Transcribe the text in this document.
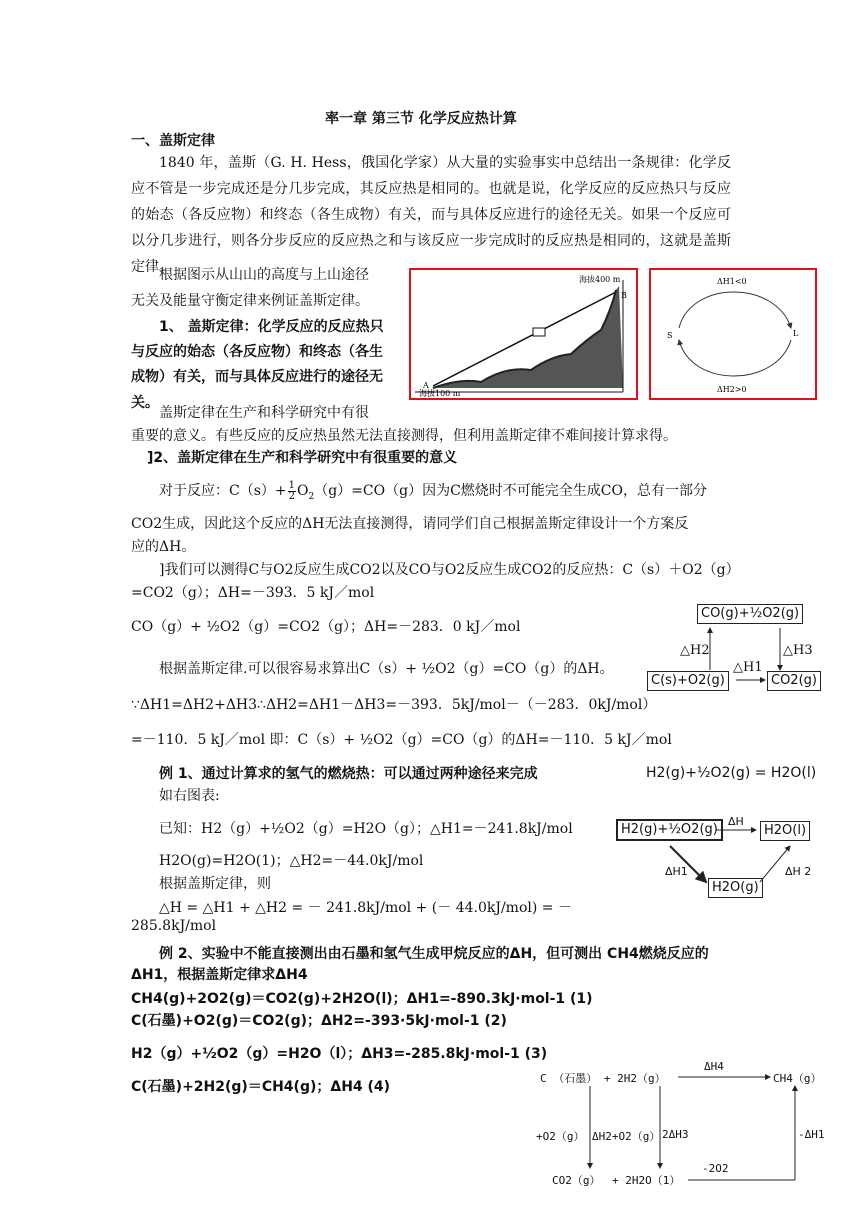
率一章 第三节 化学反应热计算
一、盖斯定律
1840 年，盖斯（G. H. Hess，俄国化学家）从大量的实验事实中总结出一条规律：化学反应不管是一步完成还是分几步完成，其反应热是相同的。也就是说，化学反应的反应热只与反应的始态（各反应物）和终态（各生成物）有关，而与具体反应进行的途径无关。如果一个反应可以分几步进行，则各分步反应的反应热之和与该反应一步完成时的反应热是相同的，这就是盖斯定律。
根据图示从山山的高度与上山途径
无关及能量守衡定律来例证盖斯定律。
1、 盖斯定律：化学反应的反应热只
与反应的始态（各反应物）和终态（各生
成物）有关，而与具体反应进行的途径无
关。
盖斯定律在生产和科学研究中有很
重要的意义。有些反应的反应热虽然无法直接测得，但利用盖斯定律不难间接计算求得。
]2、盖斯定律在生产和科学研究中有很重要的意义
A
B
海拔400 m
海拔100 m
ΔH1<0
ΔH2>0
S	L
对于反应：$C(s)+ \frac{1}{2} O_2(g)=CO(g)$因为C燃烧时不可能完全生成CO，总有一部分
CO2生成，因此这个反应的ΔH无法直接测得，请同学们自己根据盖斯定律设计一个方案反
应的ΔH。
]我们可以测得C与O2反应生成CO2以及CO与O2反应生成CO2的反应热：C（s）＋O2（g）
=CO2（g）；ΔH=－393．5 kJ／mol
CO（g）+ ½O2（g）=CO2（g）；ΔH=－283．0 kJ／mol
根据盖斯定律.可以很容易求算出C（s）+ ½O2（g）=CO（g）的ΔH。
∵ΔH1=ΔH2+ΔH3∴ΔH2=ΔH1－ΔH3=－393．5kJ/mol－（－283．0kJ/mol）
=－110．5 kJ／mol 即：C（s）+ ½O2（g）=CO（g）的ΔH=－110．5 kJ／mol
CO(g)+½O2(g)
C(s)+O2(g)	CO2(g)
△H2	△H3
△H1
例 1、通过计算求的氢气的燃烧热：可以通过两种途径来完成	H2(g)+½O2(g) = H2O(l)
如右图表:
已知：H2（g）+½O2（g）=H2O（g）；△H1=－241.8kJ/mol
H2O(g)=H2O(1)；△H2=－44.0kJ/mol
根据盖斯定律，则
△H = △H1 + △H2 = － 241.8kJ/mol + (－ 44.0kJ/mol) = －
285.8kJ/mol
H2(g)+½O2(g)	H2O(l)
H2O(g)
ΔH
ΔH1	ΔH 2
例 2、实验中不能直接测出由石墨和氢气生成甲烷反应的ΔH，但可测出 CH4燃烧反应的
ΔH1，根据盖斯定律求ΔH4
CH4(g)+2O2(g)＝CO2(g)+2H2O(l)；ΔH1=-890.3kJ·mol-1 (1)
C(石墨)+O2(g)＝CO2(g)；ΔH2=-393·5kJ·mol-1 (2)
H2（g）+½O2（g）=H2O（l）；ΔH3=-285.8kJ·mol-1 (3)
C(石墨)+2H2(g)＝CH4(g)；ΔH4 (4)
C （石墨） + 2H2（g）	CH4（g）
ΔH4
+O2（g） ΔH2+O2（g） 2ΔH3	-ΔH1
CO2（g） + 2H2O（1）
-2O2
